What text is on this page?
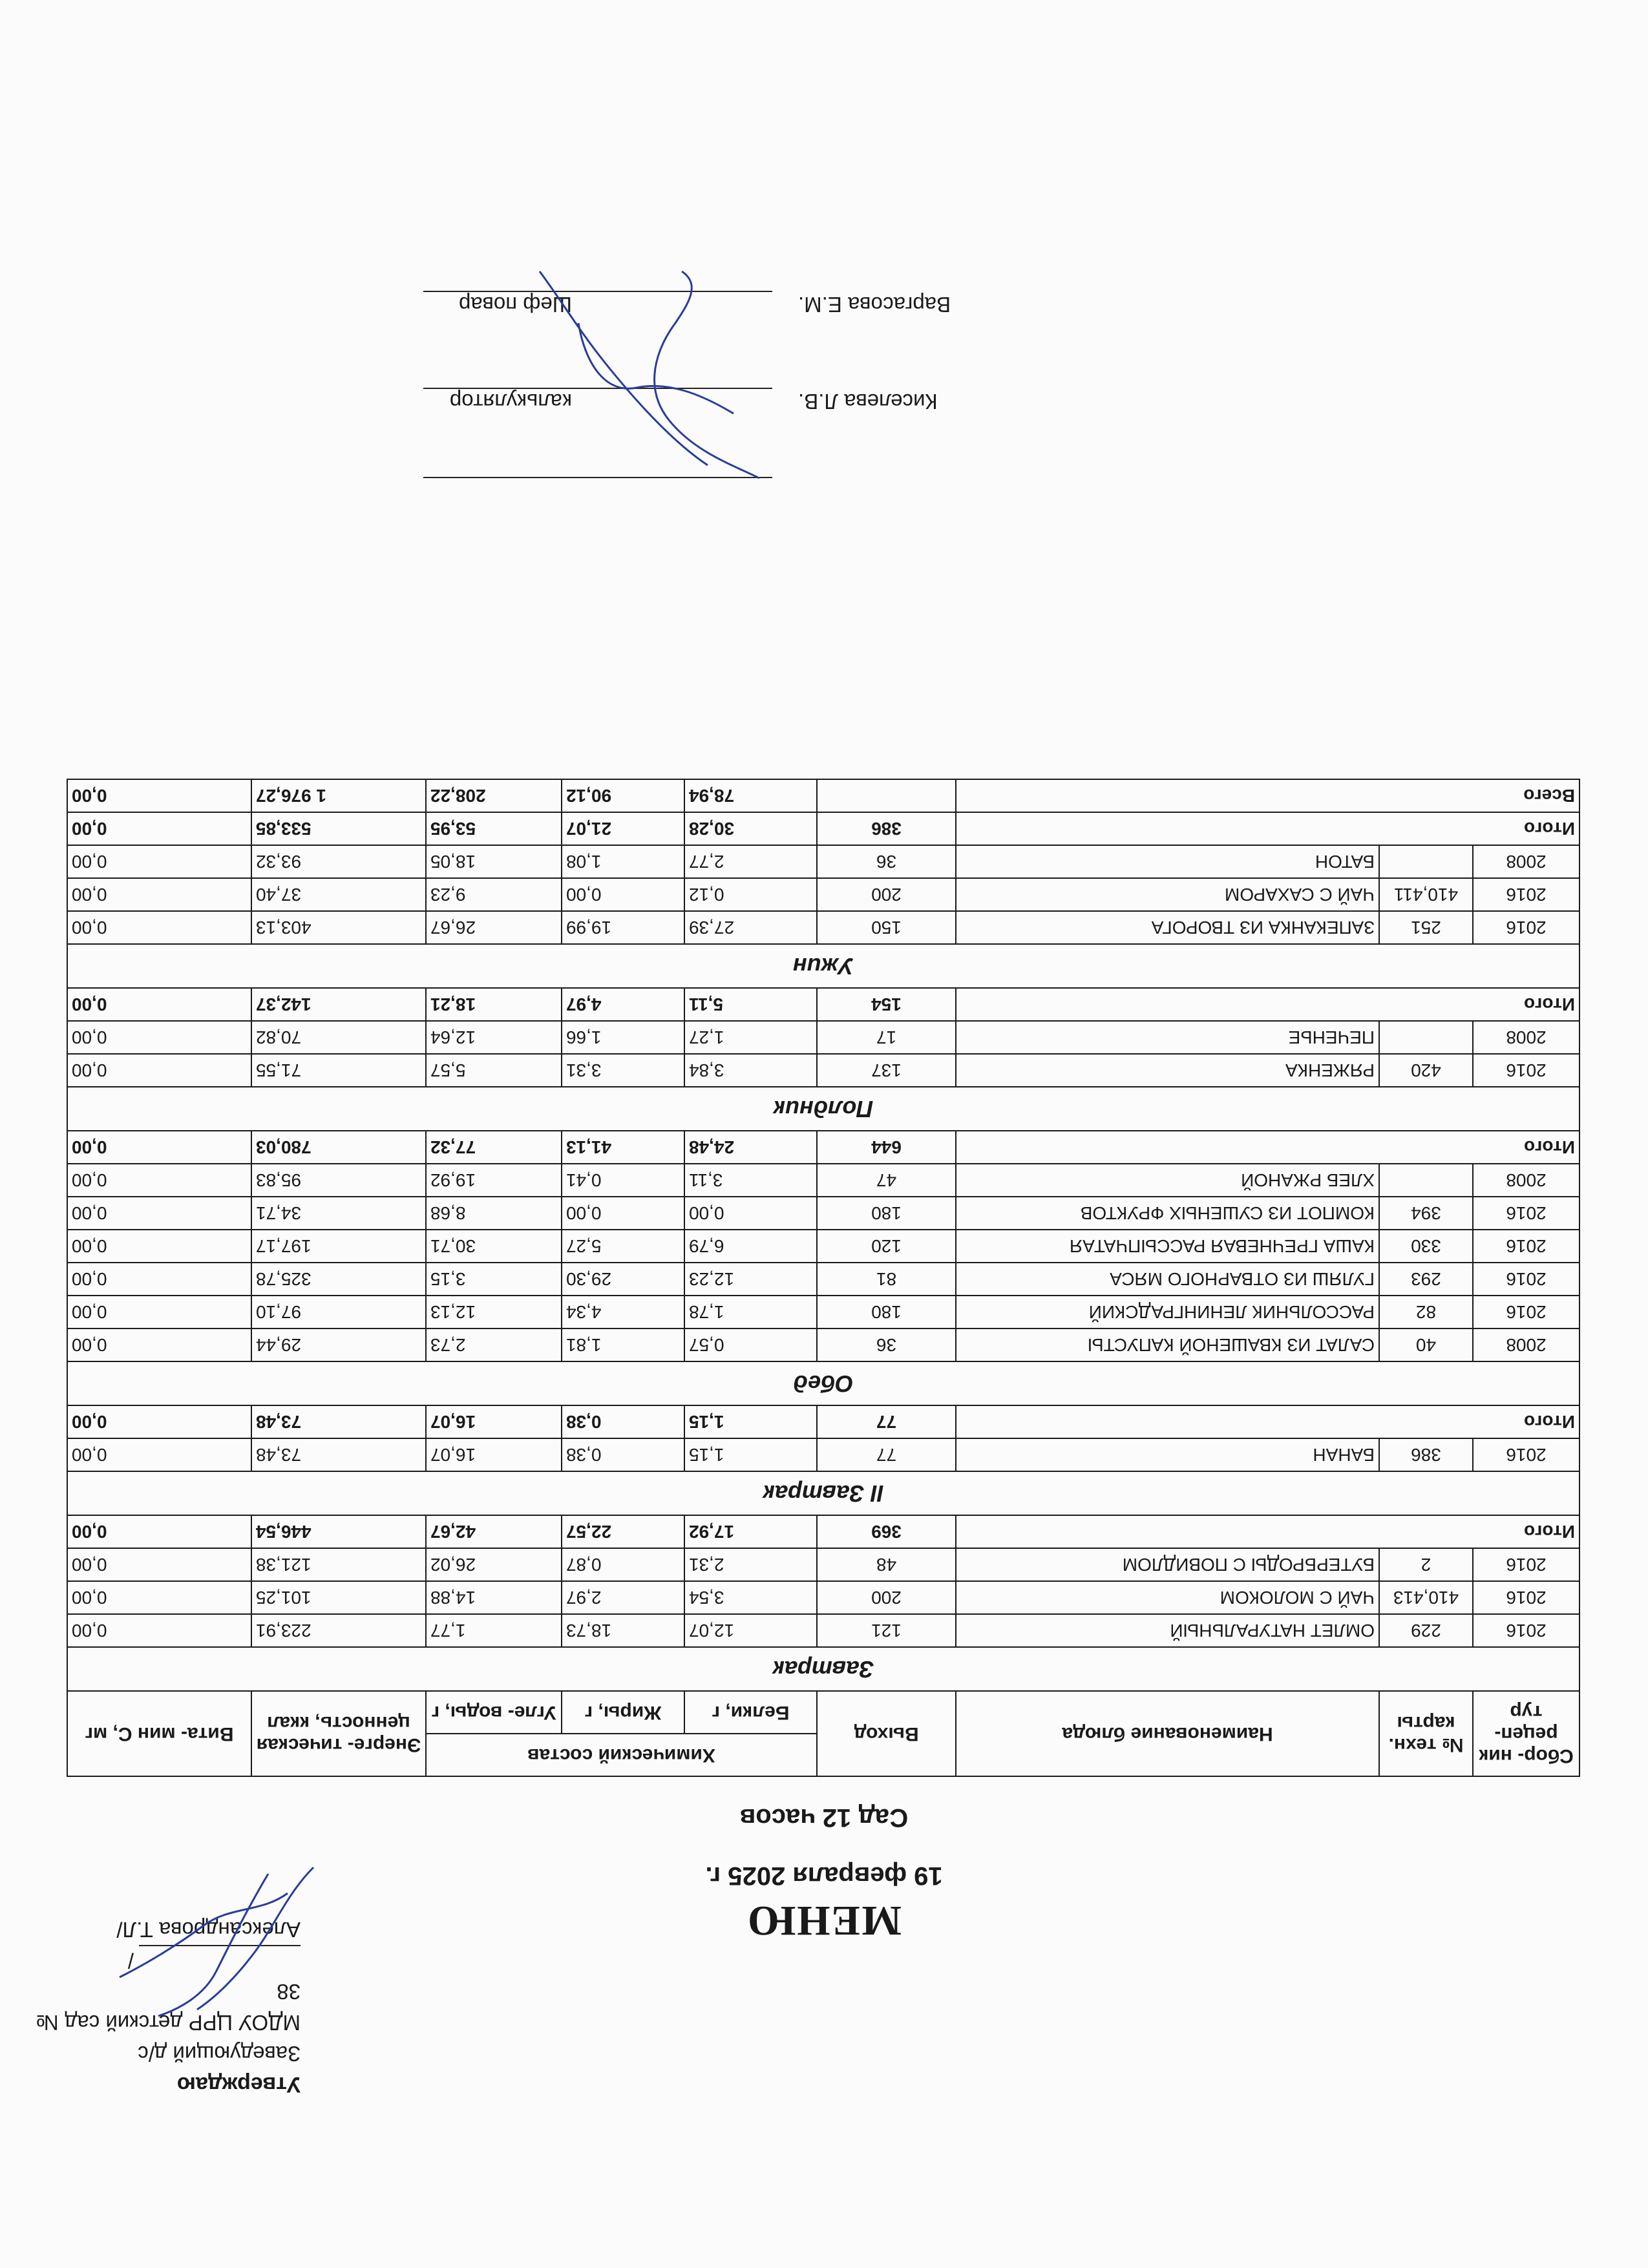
Утверждаю
Заведующий д/с
МДОУ ЦРР детский сад № 38
/Александрова Т.Л/	МЕНЮ
19 февраля 2025 г.
Сад 12 часов
Сбор- ник рецеп- тур	№ техн. карты	Наименование блюда	Выход	Химический состав			Энерге- тическая ценность, ккал	Вита- мин С, мг
				Белки, г	Жиры, г	Угле- воды, г		
Завтрак								
2016	229	ОМЛЕТ НАТУРАЛЬНЫЙ	121	12,07	18,73	1,77	223,91	0,00
2016	410,413	ЧАЙ С МОЛОКОМ	200	3,54	2,97	14,88	101,25	0,00
2016	2	БУТЕРБРОДЫ С ПОВИДЛОМ	48	2,31	0,87	26,02	121,38	0,00
Итого			369	17,92	22,57	42,67	446,54	0,00
II Завтрак								
2016	386	БАНАН	77	1,15	0,38	16,07	73,48	0,00
Итого			77	1,15	0,38	16,07	73,48	0,00
Обед								
2008	40	САЛАТ ИЗ КВАШЕНОЙ КАПУСТЫ	36	0,57	1,81	2,73	29,44	0,00
2016	82	РАССОЛЬНИК ЛЕНИНГРАДСКИЙ	180	1,78	4,34	12,13	97,10	0,00
2016	293	ГУЛЯШ ИЗ ОТВАРНОГО МЯСА	81	12,23	29,30	3,15	325,78	0,00
2016	330	КАША ГРЕЧНЕВАЯ РАССЫПЧАТАЯ	120	6,79	5,27	30,71	197,17	0,00
2016	394	КОМПОТ ИЗ СУШЕНЫХ ФРУКТОВ	180	0,00	0,00	8,68	34,71	0,00
2008		ХЛЕБ РЖАНОЙ	47	3,11	0,41	19,92	95,83	0,00
Итого			644	24,48	41,13	77,32	780,03	0,00
Полдник								
2016	420	РЯЖЕНКА	137	3,84	3,31	5,57	71,55	0,00
2008		ПЕЧЕНЬЕ	17	1,27	1,66	12,64	70,82	0,00
Итого			154	5,11	4,97	18,21	142,37	0,00
Ужин								
2016	251	ЗАПЕКАНКА ИЗ ТВОРОГА	150	27,39	19,99	26,67	403,13	0,00
2016	410,411	ЧАЙ С САХАРОМ	200	0,12	0,00	9,23	37,40	0,00
2008		БАТОН	36	2,77	1,08	18,05	93,32	0,00
Итого			386	30,28	21,07	53,95	533,85	0,00
Всего				78,94	90,12	208,22	1 976,27	0,00
калькулятор	Киселева Л.В.
Шеф повар	Варгасова Е.М.
